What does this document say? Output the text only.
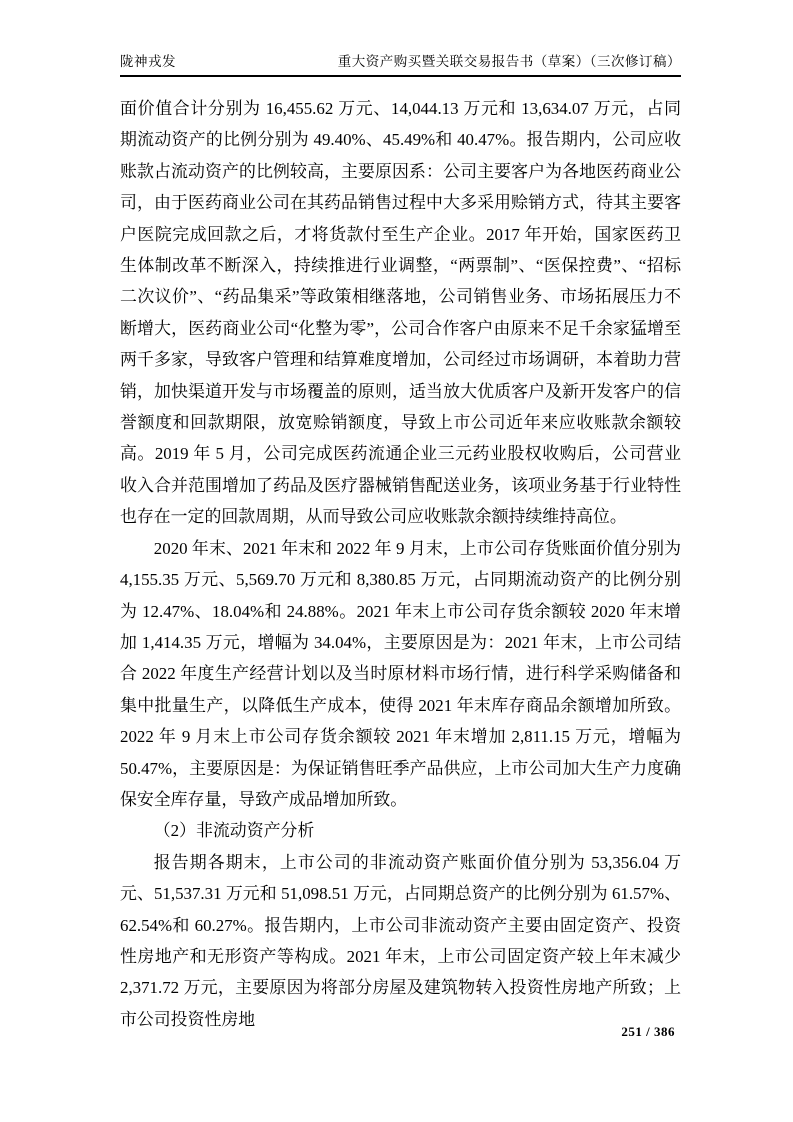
陇神戎发	重大资产购买暨关联交易报告书（草案）（三次修订稿）

面价值合计分别为 16,455.62 万元、14,044.13 万元和 13,634.07 万元，占同期流动资产的比例分别为 49.40%、45.49%和 40.47%。报告期内，公司应收账款占流动资产的比例较高，主要原因系：公司主要客户为各地医药商业公司，由于医药商业公司在其药品销售过程中大多采用赊销方式，待其主要客户医院完成回款之后，才将货款付至生产企业。2017 年开始，国家医药卫生体制改革不断深入，持续推进行业调整，“两票制”、“医保控费”、“招标二次议价”、“药品集采”等政策相继落地，公司销售业务、市场拓展压力不断增大，医药商业公司“化整为零”，公司合作客户由原来不足千余家猛增至两千多家，导致客户管理和结算难度增加，公司经过市场调研，本着助力营销，加快渠道开发与市场覆盖的原则，适当放大优质客户及新开发客户的信誉额度和回款期限，放宽赊销额度，导致上市公司近年来应收账款余额较高。2019 年 5 月，公司完成医药流通企业三元药业股权收购后，公司营业收入合并范围增加了药品及医疗器械销售配送业务，该项业务基于行业特性也存在一定的回款周期，从而导致公司应收账款余额持续维持高位。

2020 年末、2021 年末和 2022 年 9 月末，上市公司存货账面价值分别为 4,155.35 万元、5,569.70 万元和 8,380.85 万元，占同期流动资产的比例分别为 12.47%、18.04%和 24.88%。2021 年末上市公司存货余额较 2020 年末增加 1,414.35 万元，增幅为 34.04%，主要原因是为：2021 年末，上市公司结合 2022 年度生产经营计划以及当时原材料市场行情，进行科学采购储备和集中批量生产，以降低生产成本，使得 2021 年末库存商品余额增加所致。2022 年 9 月末上市公司存货余额较 2021 年末增加 2,811.15 万元，增幅为 50.47%，主要原因是：为保证销售旺季产品供应，上市公司加大生产力度确保安全库存量，导致产成品增加所致。

（2）非流动资产分析

报告期各期末，上市公司的非流动资产账面价值分别为 53,356.04 万元、51,537.31 万元和 51,098.51 万元，占同期总资产的比例分别为 61.57%、62.54%和 60.27%。报告期内，上市公司非流动资产主要由固定资产、投资性房地产和无形资产等构成。2021 年末，上市公司固定资产较上年末减少 2,371.72 万元，主要原因为将部分房屋及建筑物转入投资性房地产所致；上市公司投资性房地

251 / 386
